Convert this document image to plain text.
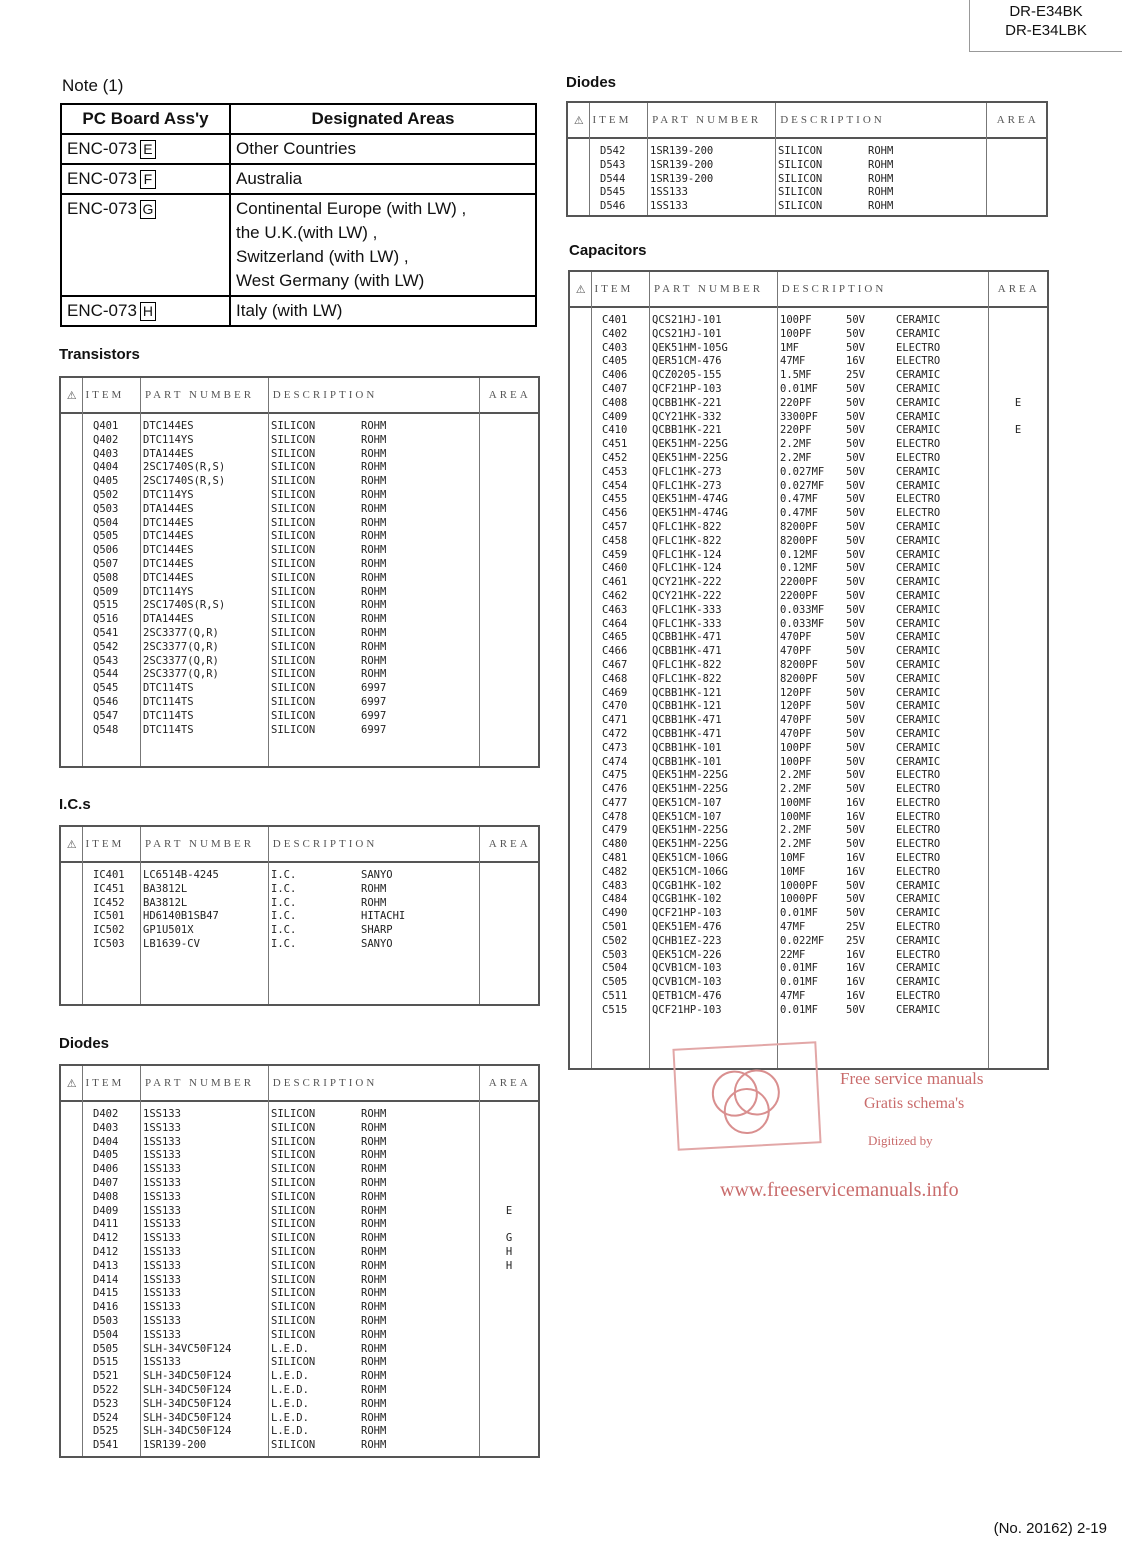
DR-E34BK
DR-E34LBK
Note (1)
PC Board Ass'y	Designated Areas
ENC-073 E	Other Countries

ENC-073 F	Australia

ENC-073 G	Continental Europe (with LW) ,
the U.K.(with LW) ,
Switzerland (with LW) ,
West Germany (with LW)

ENC-073 H	Italy (with LW)
Transistors
⚠ ITEM	PART NUMBER	DESCRIPTION	AREA
Q401	DTC144ES	SILICON	ROHM
Q402	DTC114YS	SILICON	ROHM
Q403	DTA144ES	SILICON	ROHM
Q404	2SC1740S(R,S)	SILICON	ROHM
Q405	2SC1740S(R,S)	SILICON	ROHM
Q502	DTC114YS	SILICON	ROHM
Q503	DTA144ES	SILICON	ROHM
Q504	DTC144ES	SILICON	ROHM
Q505	DTC144ES	SILICON	ROHM
Q506	DTC144ES	SILICON	ROHM
Q507	DTC144ES	SILICON	ROHM
Q508	DTC144ES	SILICON	ROHM
Q509	DTC114YS	SILICON	ROHM
Q515	2SC1740S(R,S)	SILICON	ROHM
Q516	DTA144ES	SILICON	ROHM
Q541	2SC3377(Q,R)	SILICON	ROHM
Q542	2SC3377(Q,R)	SILICON	ROHM
Q543	2SC3377(Q,R)	SILICON	ROHM
Q544	2SC3377(Q,R)	SILICON	ROHM
Q545	DTC114TS	SILICON	6997
Q546	DTC114TS	SILICON	6997
Q547	DTC114TS	SILICON	6997
Q548	DTC114TS	SILICON	6997
I.C.s
⚠ ITEM	PART NUMBER	DESCRIPTION	AREA
IC401	LC6514B-4245	I.C.	SANYO
IC451	BA3812L	I.C.	ROHM
IC452	BA3812L	I.C.	ROHM
IC501	HD6140B1SB47	I.C.	HITACHI
IC502	GP1U501X	I.C.	SHARP
IC503	LB1639-CV	I.C.	SANYO
Diodes
⚠ ITEM	PART NUMBER	DESCRIPTION	AREA
D402	1SS133	SILICON	ROHM
D403	1SS133	SILICON	ROHM
D404	1SS133	SILICON	ROHM
D405	1SS133	SILICON	ROHM
D406	1SS133	SILICON	ROHM
D407	1SS133	SILICON	ROHM
D408	1SS133	SILICON	ROHM
D409	1SS133	SILICON	ROHM	E
D411	1SS133	SILICON	ROHM
D412	1SS133	SILICON	ROHM	G
D412	1SS133	SILICON	ROHM	H
D413	1SS133	SILICON	ROHM	H
D414	1SS133	SILICON	ROHM
D415	1SS133	SILICON	ROHM
D416	1SS133	SILICON	ROHM
D503	1SS133	SILICON	ROHM
D504	1SS133	SILICON	ROHM
D505	SLH-34VC50F124	L.E.D.	ROHM
D515	1SS133	SILICON	ROHM
D521	SLH-34DC50F124	L.E.D.	ROHM
D522	SLH-34DC50F124	L.E.D.	ROHM
D523	SLH-34DC50F124	L.E.D.	ROHM
D524	SLH-34DC50F124	L.E.D.	ROHM
D525	SLH-34DC50F124	L.E.D.	ROHM
D541	1SR139-200	SILICON	ROHM
Diodes
⚠ ITEM	PART NUMBER	DESCRIPTION	AREA
D542	1SR139-200	SILICON	ROHM
D543	1SR139-200	SILICON	ROHM
D544	1SR139-200	SILICON	ROHM
D545	1SS133	SILICON	ROHM
D546	1SS133	SILICON	ROHM
Capacitors
⚠ ITEM	PART NUMBER	DESCRIPTION	AREA
C401	QCS21HJ-101	100PF	50V	CERAMIC
C402	QCS21HJ-101	100PF	50V	CERAMIC
C403	QEK51HM-105G	1MF	50V	ELECTRO
C405	QER51CM-476	47MF	16V	ELECTRO
C406	QCZ0205-155	1.5MF	25V	CERAMIC
C407	QCF21HP-103	0.01MF	50V	CERAMIC
C408	QCBB1HK-221	220PF	50V	CERAMIC	E
C409	QCY21HK-332	3300PF	50V	CERAMIC
C410	QCBB1HK-221	220PF	50V	CERAMIC	E
C451	QEK51HM-225G	2.2MF	50V	ELECTRO
C452	QEK51HM-225G	2.2MF	50V	ELECTRO
C453	QFLC1HK-273	0.027MF	50V	CERAMIC
C454	QFLC1HK-273	0.027MF	50V	CERAMIC
C455	QEK51HM-474G	0.47MF	50V	ELECTRO
C456	QEK51HM-474G	0.47MF	50V	ELECTRO
C457	QFLC1HK-822	8200PF	50V	CERAMIC
C458	QFLC1HK-822	8200PF	50V	CERAMIC
C459	QFLC1HK-124	0.12MF	50V	CERAMIC
C460	QFLC1HK-124	0.12MF	50V	CERAMIC
C461	QCY21HK-222	2200PF	50V	CERAMIC
C462	QCY21HK-222	2200PF	50V	CERAMIC
C463	QFLC1HK-333	0.033MF	50V	CERAMIC
C464	QFLC1HK-333	0.033MF	50V	CERAMIC
C465	QCBB1HK-471	470PF	50V	CERAMIC
C466	QCBB1HK-471	470PF	50V	CERAMIC
C467	QFLC1HK-822	8200PF	50V	CERAMIC
C468	QFLC1HK-822	8200PF	50V	CERAMIC
C469	QCBB1HK-121	120PF	50V	CERAMIC
C470	QCBB1HK-121	120PF	50V	CERAMIC
C471	QCBB1HK-471	470PF	50V	CERAMIC
C472	QCBB1HK-471	470PF	50V	CERAMIC
C473	QCBB1HK-101	100PF	50V	CERAMIC
C474	QCBB1HK-101	100PF	50V	CERAMIC
C475	QEK51HM-225G	2.2MF	50V	ELECTRO
C476	QEK51HM-225G	2.2MF	50V	ELECTRO
C477	QEK51CM-107	100MF	16V	ELECTRO
C478	QEK51CM-107	100MF	16V	ELECTRO
C479	QEK51HM-225G	2.2MF	50V	ELECTRO
C480	QEK51HM-225G	2.2MF	50V	ELECTRO
C481	QEK51CM-106G	10MF	16V	ELECTRO
C482	QEK51CM-106G	10MF	16V	ELECTRO
C483	QCGB1HK-102	1000PF	50V	CERAMIC
C484	QCGB1HK-102	1000PF	50V	CERAMIC
C490	QCF21HP-103	0.01MF	50V	CERAMIC
C501	QEK51EM-476	47MF	25V	ELECTRO
C502	QCHB1EZ-223	0.022MF	25V	CERAMIC
C503	QEK51CM-226	22MF	16V	ELECTRO
C504	QCVB1CM-103	0.01MF	16V	CERAMIC
C505	QCVB1CM-103	0.01MF	16V	CERAMIC
C511	QETB1CM-476	47MF	16V	ELECTRO
C515	QCF21HP-103	0.01MF	50V	CERAMIC
Free service manuals
Gratis schema's
Digitized by
www.freeservicemanuals.info
(No. 20162) 2-19
